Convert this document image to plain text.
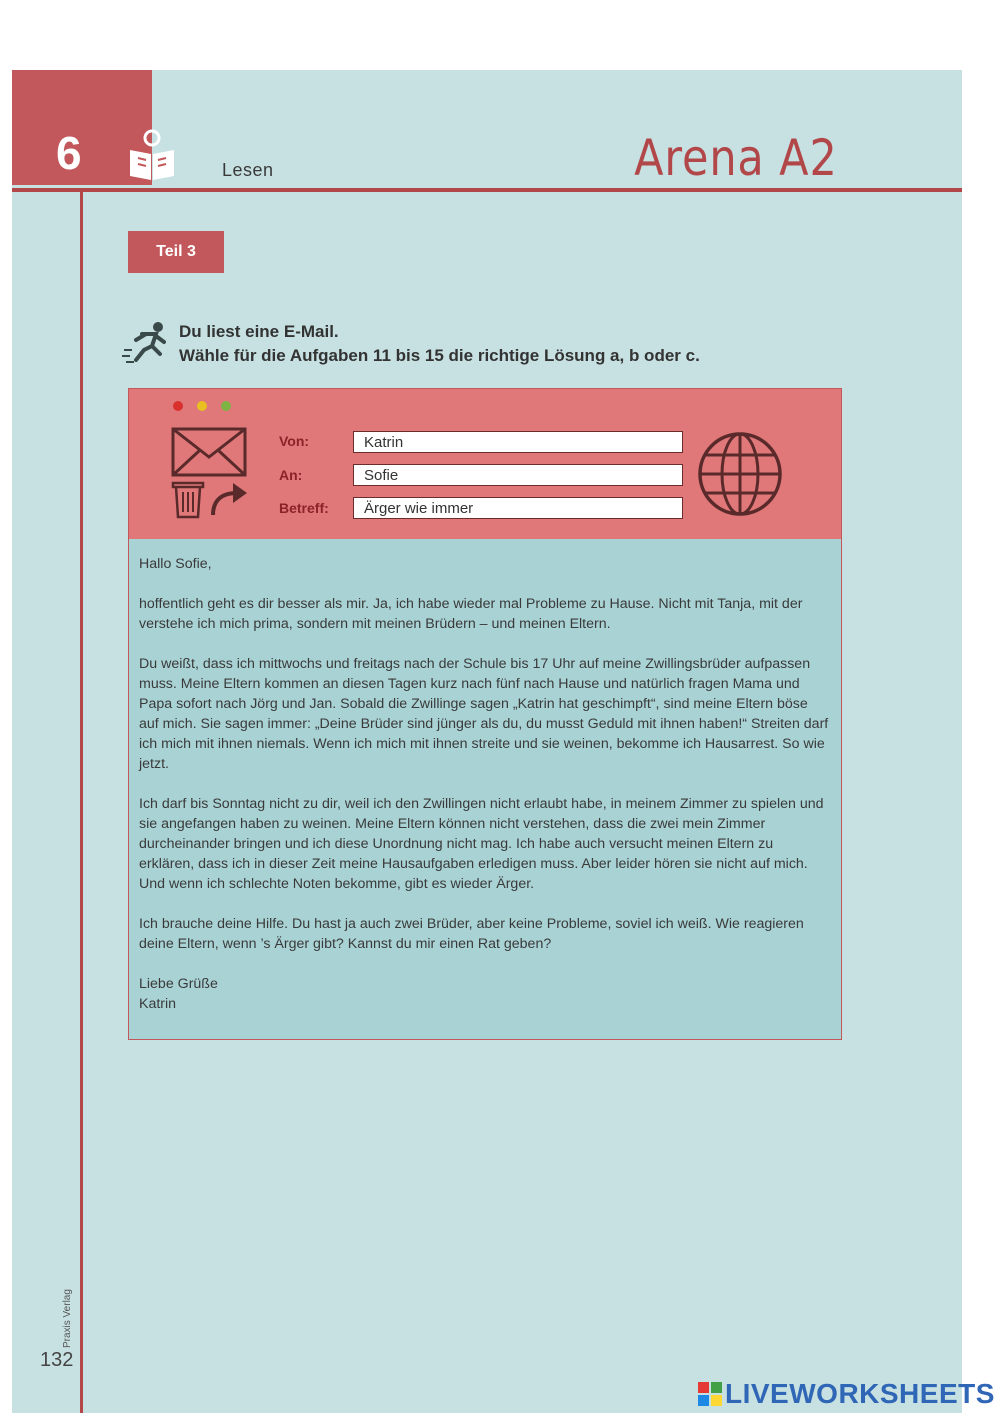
6	Lesen	Arena A2
Teil 3
Du liest eine E-Mail.
Wähle für die Aufgaben 11 bis 15 die richtige Lösung a, b oder c.
Von:	Katrin
An:	Sofie
Betreff:	Ärger wie immer

Hallo Sofie,

hoffentlich geht es dir besser als mir. Ja, ich habe wieder mal Probleme zu Hause. Nicht mit Tanja, mit der verstehe ich mich prima, sondern mit meinen Brüdern – und meinen Eltern.

Du weißt, dass ich mittwochs und freitags nach der Schule bis 17 Uhr auf meine Zwillingsbrüder aufpassen muss. Meine Eltern kommen an diesen Tagen kurz nach fünf nach Hause und natürlich fragen Mama und Papa sofort nach Jörg und Jan. Sobald die Zwillinge sagen „Katrin hat geschimpft“, sind meine Eltern böse auf mich. Sie sagen immer: „Deine Brüder sind jünger als du, du musst Geduld mit ihnen haben!“ Streiten darf ich mich mit ihnen niemals. Wenn ich mich mit ihnen streite und sie weinen, bekomme ich Hausarrest. So wie jetzt.

Ich darf bis Sonntag nicht zu dir, weil ich den Zwillingen nicht erlaubt habe, in meinem Zimmer zu spielen und sie angefangen haben zu weinen. Meine Eltern können nicht verstehen, dass die zwei mein Zimmer durcheinander bringen und ich diese Unordnung nicht mag. Ich habe auch versucht meinen Eltern zu erklären, dass ich in dieser Zeit meine Hausaufgaben erledigen muss. Aber leider hören sie nicht auf mich. Und wenn ich schlechte Noten bekomme, gibt es wieder Ärger.

Ich brauche deine Hilfe. Du hast ja auch zwei Brüder, aber keine Probleme, soviel ich weiß. Wie reagieren deine Eltern, wenn ’s Ärger gibt? Kannst du mir einen Rat geben?

Liebe Grüße
Katrin
Praxis Verlag
132
LIVEWORKSHEETS
